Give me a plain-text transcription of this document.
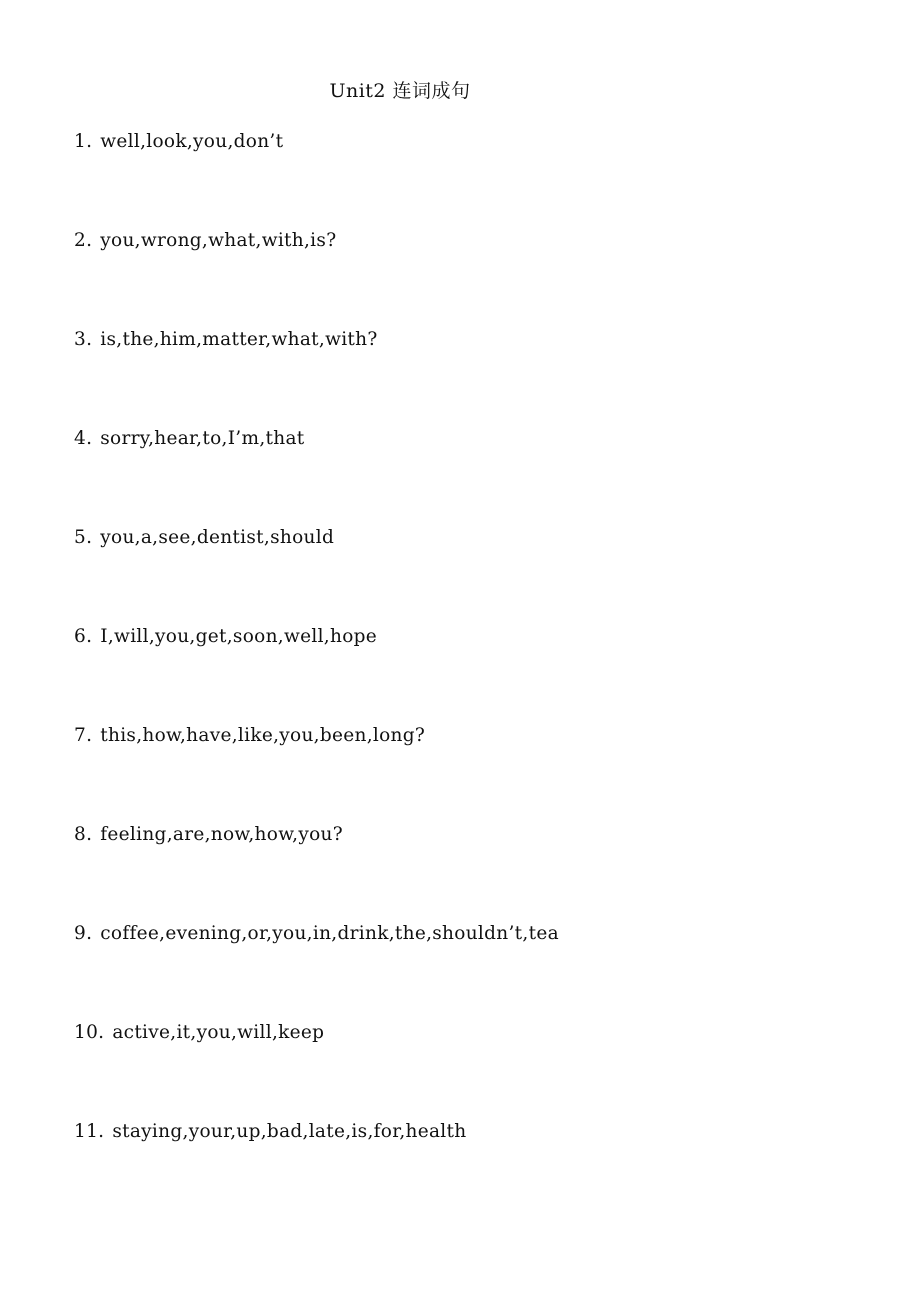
Unit2 连词成句
1. well,look,you,don’t
2. you,wrong,what,with,is?
3. is,the,him,matter,what,with?
4. sorry,hear,to,I’m,that
5. you,a,see,dentist,should
6. I,will,you,get,soon,well,hope
7. this,how,have,like,you,been,long?
8. feeling,are,now,how,you?
9. coffee,evening,or,you,in,drink,the,shouldn’t,tea
10. active,it,you,will,keep
11. staying,your,up,bad,late,is,for,health
